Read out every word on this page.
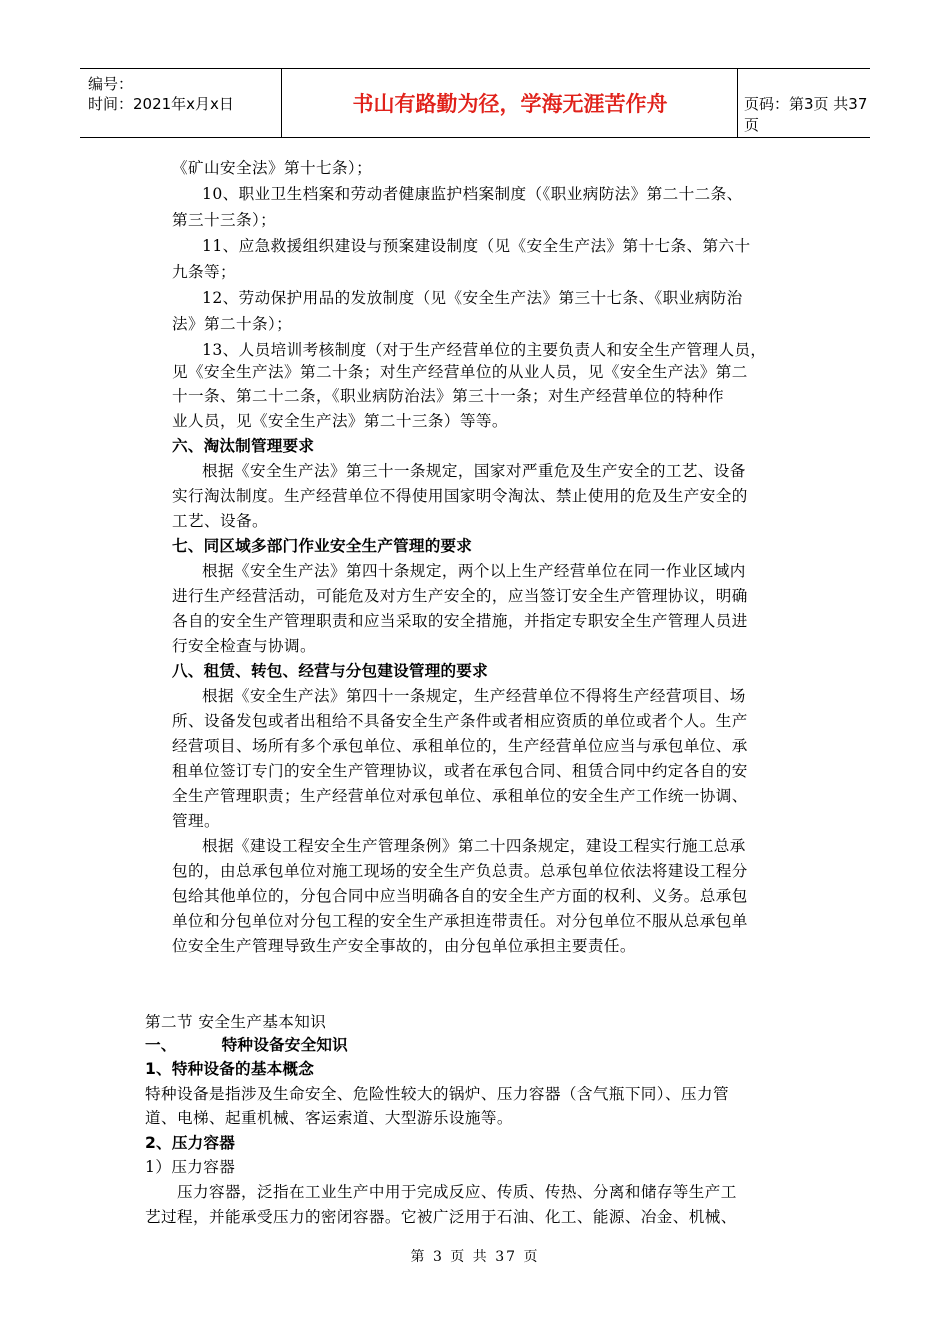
编号：
时间：2021年x月x日	书山有路勤为径，学海无涯苦作舟	页码：第3页 共37页
《矿山安全法》第十七条）；
10、职业卫生档案和劳动者健康监护档案制度（《职业病防法》第二十二条、
第三十三条）；
11、应急救援组织建设与预案建设制度（见《安全生产法》第十七条、第六十
九条等；
12、劳动保护用品的发放制度（见《安全生产法》第三十七条、《职业病防治
法》第二十条）；
13、人员培训考核制度（对于生产经营单位的主要负责人和安全生产管理人员，
见《安全生产法》第二十条；对生产经营单位的从业人员，见《安全生产法》第二
十一条、第二十二条，《职业病防治法》第三十一条；对生产经营单位的特种作
业人员，见《安全生产法》第二十三条）等等。
六、淘汰制管理要求
根据《安全生产法》第三十一条规定，国家对严重危及生产安全的工艺、设备
实行淘汰制度。生产经营单位不得使用国家明令淘汰、禁止使用的危及生产安全的
工艺、设备。
七、同区域多部门作业安全生产管理的要求
根据《安全生产法》第四十条规定，两个以上生产经营单位在同一作业区域内
进行生产经营活动，可能危及对方生产安全的，应当签订安全生产管理协议，明确
各自的安全生产管理职责和应当采取的安全措施，并指定专职安全生产管理人员进
行安全检查与协调。
八、租赁、转包、经营与分包建设管理的要求
根据《安全生产法》第四十一条规定，生产经营单位不得将生产经营项目、场
所、设备发包或者出租给不具备安全生产条件或者相应资质的单位或者个人。生产
经营项目、场所有多个承包单位、承租单位的，生产经营单位应当与承包单位、承
租单位签订专门的安全生产管理协议，或者在承包合同、租赁合同中约定各自的安
全生产管理职责；生产经营单位对承包单位、承租单位的安全生产工作统一协调、
管理。
根据《建设工程安全生产管理条例》第二十四条规定，建设工程实行施工总承
包的，由总承包单位对施工现场的安全生产负总责。总承包单位依法将建设工程分
包给其他单位的，分包合同中应当明确各自的安全生产方面的权利、义务。总承包
单位和分包单位对分包工程的安全生产承担连带责任。对分包单位不服从总承包单
位安全生产管理导致生产安全事故的，由分包单位承担主要责任。
第二节 安全生产基本知识
一、        特种设备安全知识
1、特种设备的基本概念
特种设备是指涉及生命安全、危险性较大的锅炉、压力容器（含气瓶下同）、压力管
道、电梯、起重机械、客运索道、大型游乐设施等。
2、压力容器
1）压力容器
压力容器，泛指在工业生产中用于完成反应、传质、传热、分离和储存等生产工
艺过程，并能承受压力的密闭容器。它被广泛用于石油、化工、能源、冶金、机械、
第 3 页 共 37 页
